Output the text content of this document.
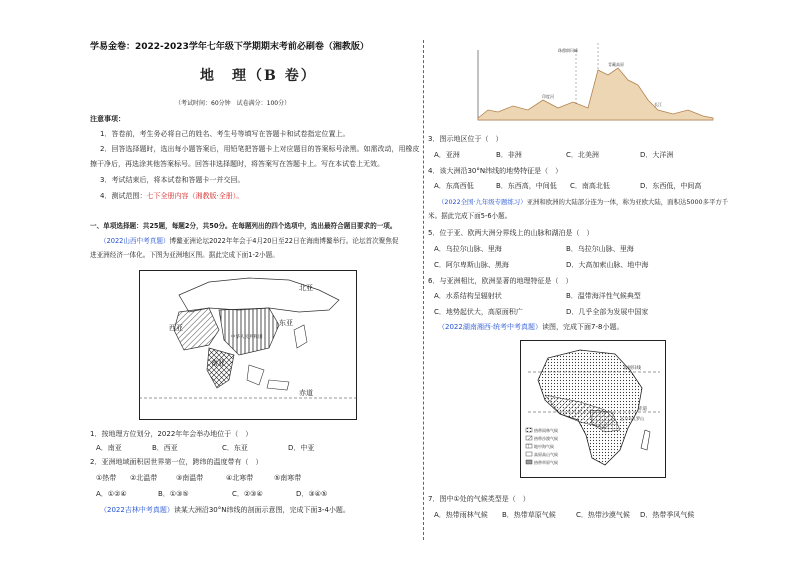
学易金卷：2022-2023学年七年级下学期期末考前必刷卷（湘教版）
地　理（B 卷）
（考试时间：60分钟　试卷满分：100分）
注意事项：
1．答卷前，考生务必将自己的姓名、考生号等填写在答题卡和试卷指定位置上。
2．回答选择题时，选出每小题答案后，用铅笔把答题卡上对应题目的答案标号涂黑。如需改动，用橡皮
擦干净后，再选涂其他答案标号。回答非选择题时，将答案写在答题卡上。写在本试卷上无效。
3．考试结束后，将本试卷和答题卡一并交回。
4．测试范围：七下全册内容（湘教版·全册）。
一、单项选择题：共25题，每题2分，共50分。在每题列出的四个选项中，选出最符合题目要求的一项。
（2022山西中考真题）博鳌亚洲论坛2022年年会于4月20日至22日在海南博鳌举行。论坛首次聚焦促
进亚洲经济一体化。下图为亚洲地区图。据此完成下面1-2小题。
西亚
北亚
东亚
南亚
中华人民共和国
赤道
1．按地理方位划分，2022年年会举办地位于（　）
A．南亚	B．西亚	C．东亚	D．中亚
2．亚洲地域面积居世界第一位，跨纬的温度带有（　）
①热带 ②北温带	③南温带	④北寒带	⑤南寒带
A．①②④	B．①③⑤	C．②③④	D．③④⑤
（2022吉林中考真题）读某大洲沿30°N纬线的剖面示意图，完成下面3-4小题。
印度河
青藏高原
长江
珠穆朗玛峰
3．图示地区位于（　）
A．亚洲	B．非洲	C．北美洲	D．大洋洲
4．该大洲沿30°N纬线的地势特征是（　）
A．东高西低	B．东西高，中间低 C．南高北低	D．东西低，中间高
（2022全国·九年级专题练习）亚洲和欧洲的大陆部分连为一体，称为亚欧大陆，面积达5000多平方千
米。据此完成下面5-6小题。
5．位于亚、欧两大洲分界线上的山脉和湖泊是（　）
A．乌拉尔山脉、里海	B．乌拉尔山脉、里海
C．阿尔卑斯山脉、黑海	D．大高加索山脉、地中海
6．与亚洲相比，欧洲显著的地理特征是（　）
A．水系结构呈辐射状	B．温带海洋性气候典型
C．地势起伏大，高原面积广	D．几乎全部为发展中国家
（2022湖南湘西·统考中考真题）读图，完成下面7-8小题。
北回归线
赤道
乞力马扎罗山
热带雨林气候
热带沙漠气候
地中海气候
高原高山气候
热带草原气候
7．图中①处的气候类型是（　）
A．热带雨林气候 B．热带草原气候	C．热带沙漠气候 D．热带季风气候
